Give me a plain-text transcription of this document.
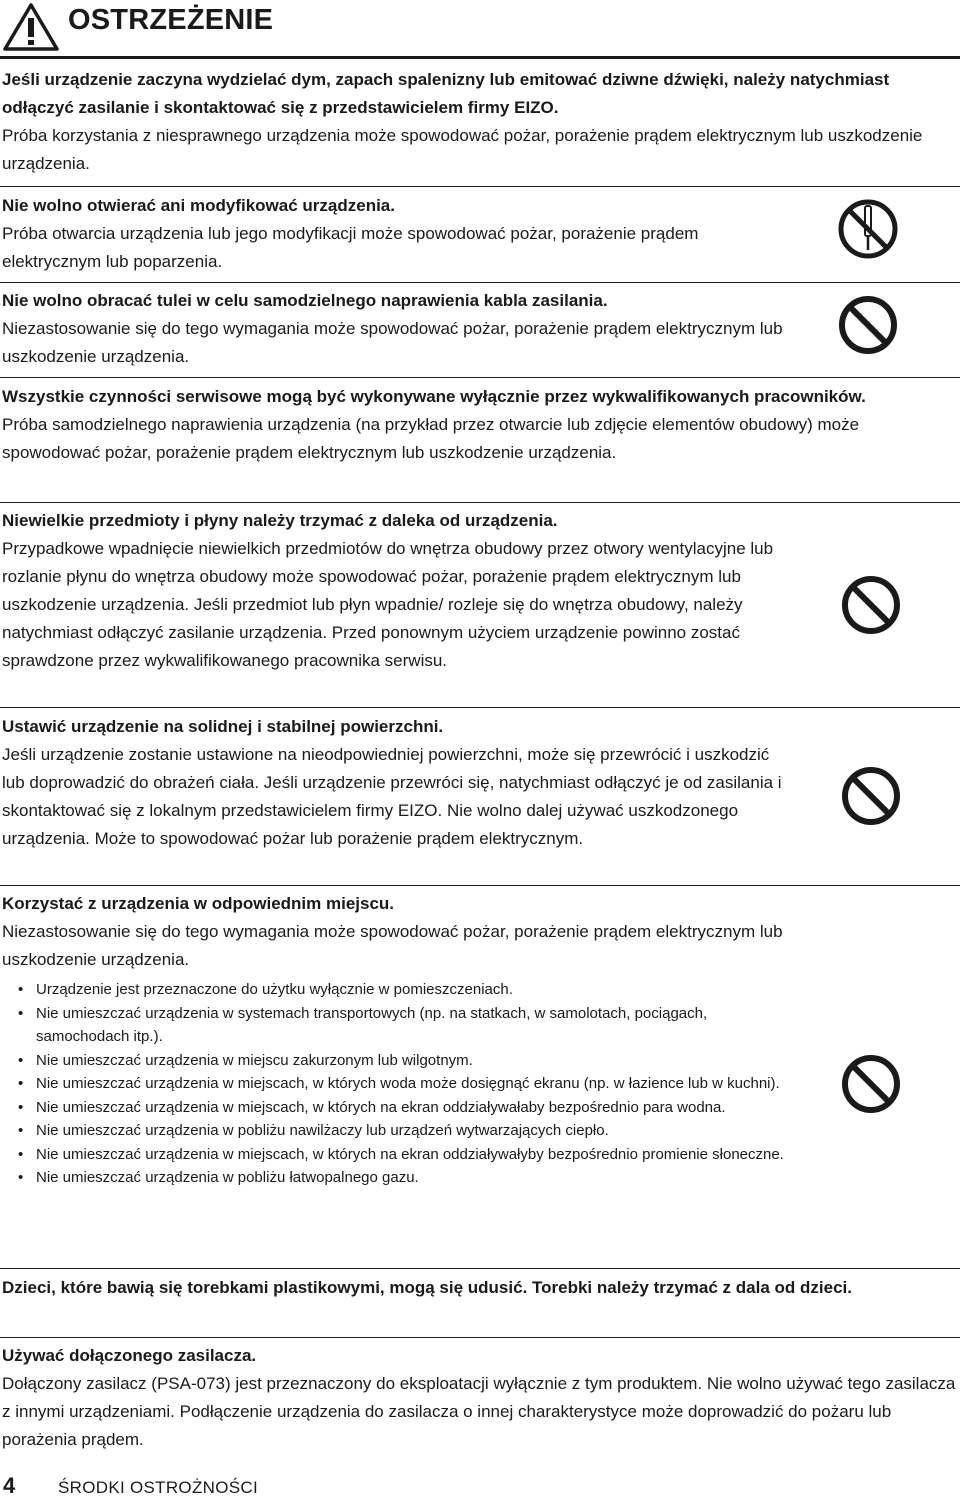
OSTRZEŻENIE
Jeśli urządzenie zaczyna wydzielać dym, zapach spalenizny lub emitować dziwne dźwięki, należy natychmiast odłączyć zasilanie i skontaktować się z przedstawicielem firmy EIZO.
Próba korzystania z niesprawnego urządzenia może spowodować pożar, porażenie prądem elektrycznym lub uszkodzenie urządzenia.
Nie wolno otwierać ani modyfikować urządzenia.
Próba otwarcia urządzenia lub jego modyfikacji może spowodować pożar, porażenie prądem elektrycznym lub poparzenia.
Nie wolno obracać tulei w celu samodzielnego naprawienia kabla zasilania.
Niezastosowanie się do tego wymagania może spowodować pożar, porażenie prądem elektrycznym lub uszkodzenie urządzenia.
Wszystkie czynności serwisowe mogą być wykonywane wyłącznie przez wykwalifikowanych pracowników.
Próba samodzielnego naprawienia urządzenia (na przykład przez otwarcie lub zdjęcie elementów obudowy) może spowodować pożar, porażenie prądem elektrycznym lub uszkodzenie urządzenia.
Niewielkie przedmioty i płyny należy trzymać z daleka od urządzenia.
Przypadkowe wpadnięcie niewielkich przedmiotów do wnętrza obudowy przez otwory wentylacyjne lub rozlanie płynu do wnętrza obudowy może spowodować pożar, porażenie prądem elektrycznym lub uszkodzenie urządzenia. Jeśli przedmiot lub płyn wpadnie/ rozleje się do wnętrza obudowy, należy natychmiast odłączyć zasilanie urządzenia. Przed ponownym użyciem urządzenie powinno zostać sprawdzone przez wykwalifikowanego pracownika serwisu.
Ustawić urządzenie na solidnej i stabilnej powierzchni.
Jeśli urządzenie zostanie ustawione na nieodpowiedniej powierzchni, może się przewrócić i uszkodzić lub doprowadzić do obrażeń ciała. Jeśli urządzenie przewróci się, natychmiast odłączyć je od zasilania i skontaktować się z lokalnym przedstawicielem firmy EIZO. Nie wolno dalej używać uszkodzonego urządzenia. Może to spowodować pożar lub porażenie prądem elektrycznym.
Korzystać z urządzenia w odpowiednim miejscu.
Niezastosowanie się do tego wymagania może spowodować pożar, porażenie prądem elektrycznym lub uszkodzenie urządzenia.
• Urządzenie jest przeznaczone do użytku wyłącznie w pomieszczeniach.
• Nie umieszczać urządzenia w systemach transportowych (np. na statkach, w samolotach, pociągach, samochodach itp.).
• Nie umieszczać urządzenia w miejscu zakurzonym lub wilgotnym.
• Nie umieszczać urządzenia w miejscach, w których woda może dosięgnąć ekranu (np. w łazience lub w kuchni).
• Nie umieszczać urządzenia w miejscach, w których na ekran oddziaływałaby bezpośrednio para wodna.
• Nie umieszczać urządzenia w pobliżu nawilżaczy lub urządzeń wytwarzających ciepło.
• Nie umieszczać urządzenia w miejscach, w których na ekran oddziaływałyby bezpośrednio promienie słoneczne.
• Nie umieszczać urządzenia w pobliżu łatwopalnego gazu.
Dzieci, które bawią się torebkami plastikowymi, mogą się udusić. Torebki należy trzymać z dala od dzieci.
Używać dołączonego zasilacza.
Dołączony zasilacz (PSA-073) jest przeznaczony do eksploatacji wyłącznie z tym produktem. Nie wolno używać tego zasilacza z innymi urządzeniami. Podłączenie urządzenia do zasilacza o innej charakterystyce może doprowadzić do pożaru lub porażenia prądem.
4	ŚRODKI OSTROŻNOŚCI
